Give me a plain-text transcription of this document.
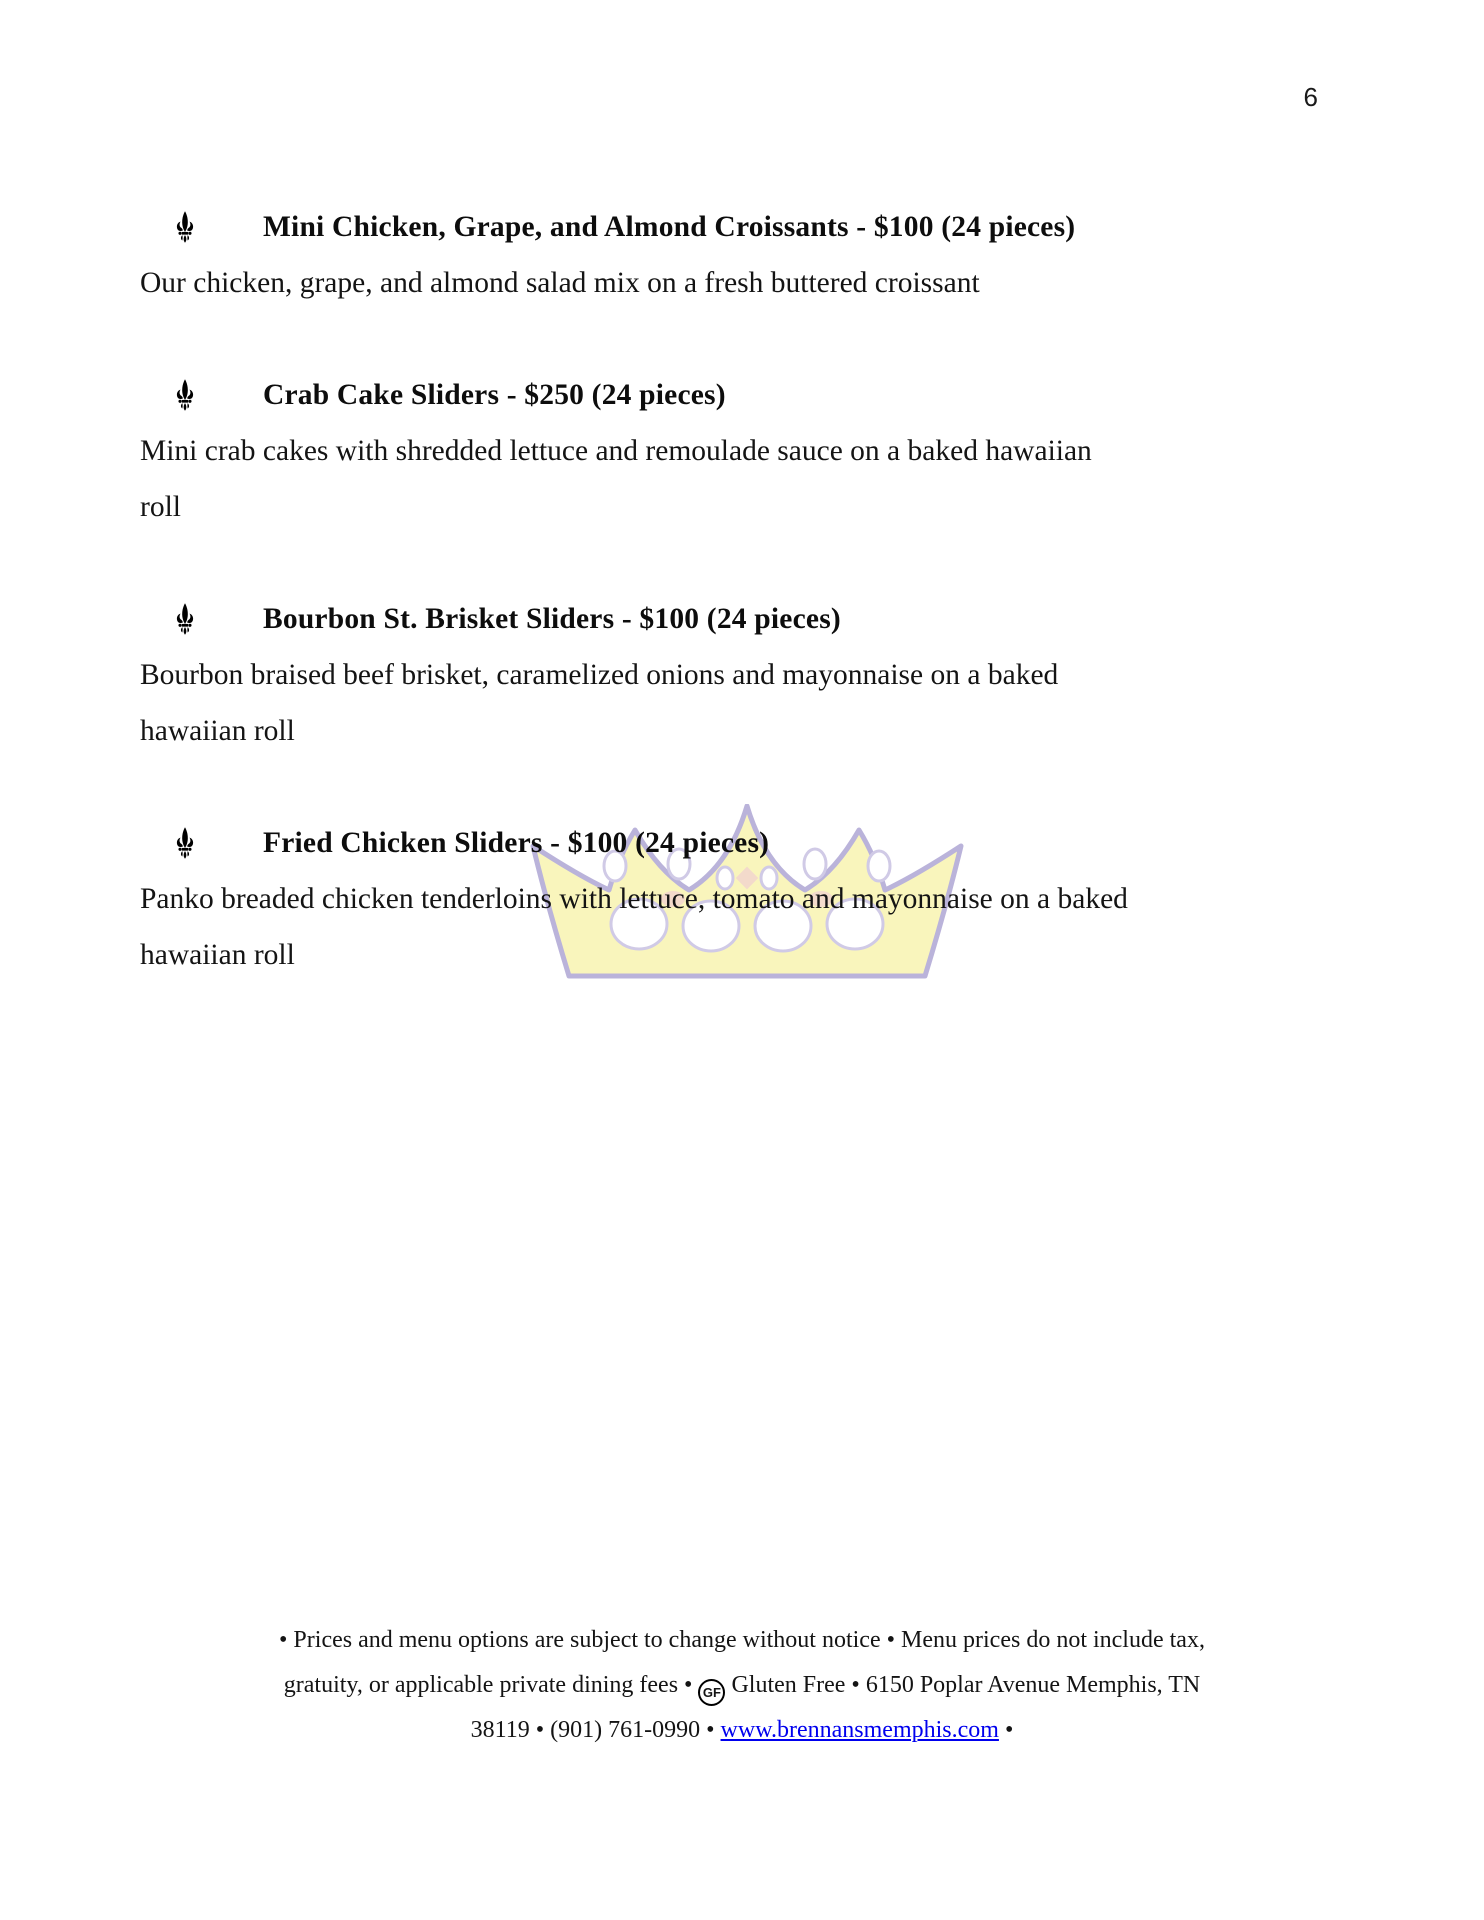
6
Mini Chicken, Grape, and Almond Croissants - $100 (24 pieces)
Our chicken, grape, and almond salad mix on a fresh buttered croissant
Crab Cake Sliders - $250 (24 pieces)
Mini crab cakes with shredded lettuce and remoulade sauce on a baked hawaiian
roll
Bourbon St. Brisket Sliders - $100 (24 pieces)
Bourbon braised beef brisket, caramelized onions and mayonnaise on a baked
hawaiian roll
Fried Chicken Sliders - $100 (24 pieces)
Panko breaded chicken tenderloins with lettuce, tomato and mayonnaise on a baked
hawaiian roll
• Prices and menu options are subject to change without notice • Menu prices do not include tax,
gratuity, or applicable private dining fees • GF Gluten Free • 6150 Poplar Avenue Memphis, TN
38119 • (901) 761-0990 • www.brennansmemphis.com •
